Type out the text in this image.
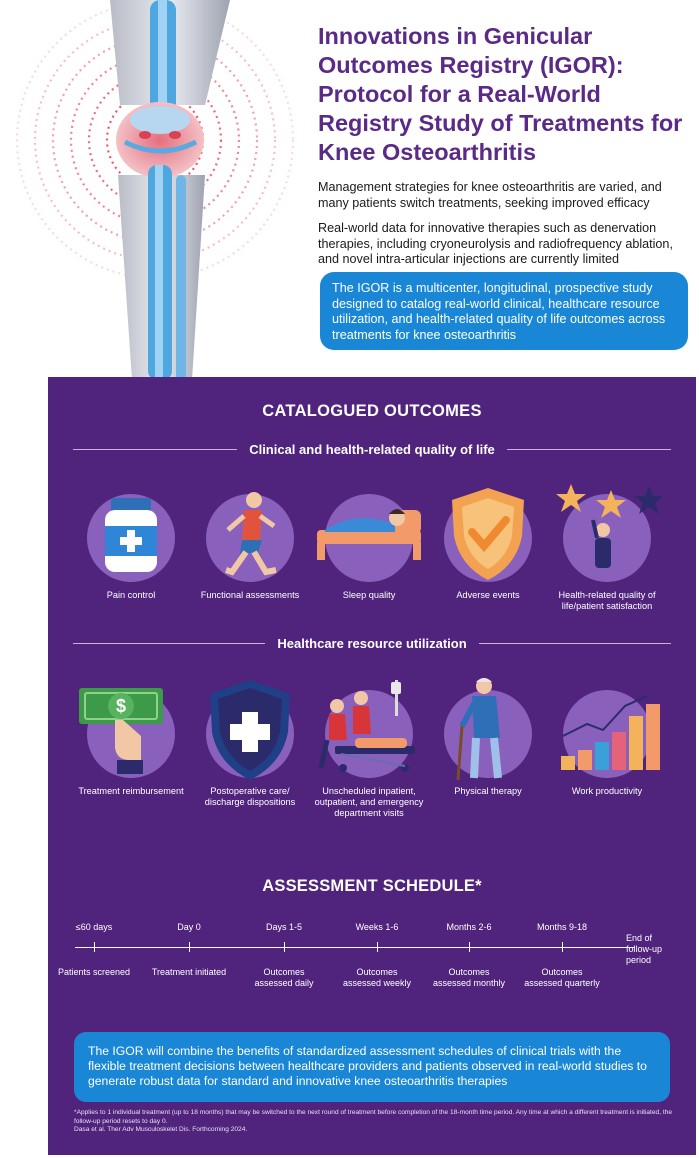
Innovations in Genicular Outcomes Registry (IGOR): Protocol for a Real-World Registry Study of Treatments for Knee Osteoarthritis
Management strategies for knee osteoarthritis are varied, and many patients switch treatments, seeking improved efficacy
Real-world data for innovative therapies such as denervation therapies, including cryoneurolysis and radiofrequency ablation, and novel intra-articular injections are currently limited
The IGOR is a multicenter, longitudinal, prospective study designed to catalog real-world clinical, healthcare resource utilization, and health-related quality of life outcomes across treatments for knee osteoarthritis
CATALOGUED OUTCOMES
Clinical and health-related quality of life
Pain control	Functional assessments	Sleep quality	Adverse events	Health-related quality of life/patient satisfaction
Healthcare resource utilization
$
Treatment reimbursement	Postoperative care/ discharge dispositions
Unscheduled inpatient, outpatient, and emergency department visits
Physical therapy	Work productivity
ASSESSMENT SCHEDULE*
≤60 days	Day 0	Days 1-5	Weeks 1-6	Months 2-6	Months 9-18
Patients screened	Treatment initiated	Outcomes assessed daily
Outcomes assessed weekly
Outcomes assessed monthly
Outcomes assessed quarterly
End of follow-up period
The IGOR will combine the benefits of standardized assessment schedules of clinical trials with the flexible treatment decisions between healthcare providers and patients observed in real-world studies to generate robust data for standard and innovative knee osteoarthritis therapies
*Applies to 1 individual treatment (up to 18 months) that may be switched to the next round of treatment before completion of the 18-month time period. Any time at which a different treatment is initiated, the follow-up period resets to day 0.
Dasa et al. Ther Adv Musculoskelet Dis. Forthcoming 2024.
